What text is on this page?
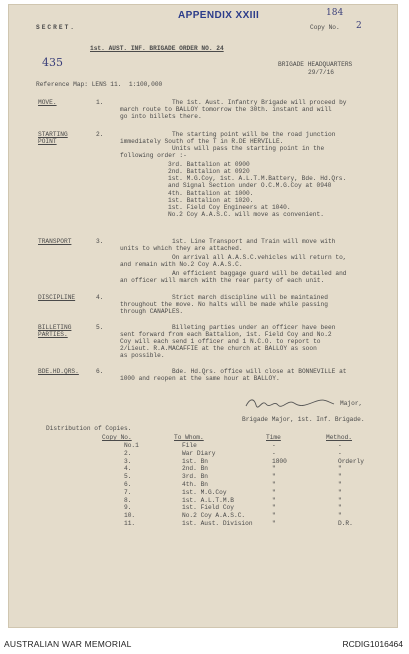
APPENDIX XXIII	184
435
SECRET.
1st. AUST. INF. BRIGADE ORDER NO. 24
Copy No. 2
BRIGADE HEADQUARTERS
29/7/16
Reference Map: LENS 11.  1:100,000
MOVE.	1.	The 1st. Aust. Infantry Brigade will proceed by
march route to BALLOY tomorrow the 30th. instant and will
go into billets there.
STARTING POINT
2.	The starting point will be the road junction
immediately South of the T in R.DE HERVILLE.
Units will pass the starting point in the
following order :-
3rd. Battalion at 0900
2nd. Battalion at 0920
1st. M.G.Coy, 1st. A.L.T.M.Battery, Bde. Hd.Qrs.
and Signal Section under O.C.M.G.Coy at 0940
4th. Battalion at 1000.
1st. Battalion at 1020.
1st. Field Coy Engineers at 1040.
No.2 Coy A.A.S.C. will move as convenient.
TRANSPORT	3.	1st. Line Transport and Train will move with
units to which they are attached.
On arrival all A.A.S.C.vehicles will return to,
and remain with No.2 Coy A.A.S.C.
An efficient baggage guard will be detailed and
an officer will march with the rear party of each unit.
DISCIPLINE	4.	Strict march discipline will be maintained
throughout the move. No halts will be made while passing
through CANAPLES.
BILLETING PARTIES.
5.	Billeting parties under an officer have been
sent forward from each Battalion, 1st. Field Coy and No.2
Coy will each send 1 officer and 1 N.C.O. to report to
2/Lieut. R.A.MACAFFIE at the church at BALLOY as soon
as possible.
BDE.HD.QRS.	6.	Bde. Hd.Qrs. office will close at BONNEVILLE at
1000 and reopen at the same hour at BALLOY.
Major,
Brigade Major, 1st. Inf. Brigade.
Distribution of Copies.
Copy No.	To Whom.	Time	Method.
No.1	File	-	-
2.	War Diary	-	-
3.	1st. Bn	1800	Orderly
4.	2nd. Bn	"	"
5.	3rd. Bn	"	"
6.	4th. Bn	"	"
7.	1st. M.G.Coy	"	"
8.	1st. A.L.T.M.B	"	"
9.	1st. Field Coy	"	"
10.	No.2 Coy A.A.S.C.	"	"
11.	1st. Aust. Division	"	D.R.
AUSTRALIAN WAR MEMORIAL	RCDIG1016464
